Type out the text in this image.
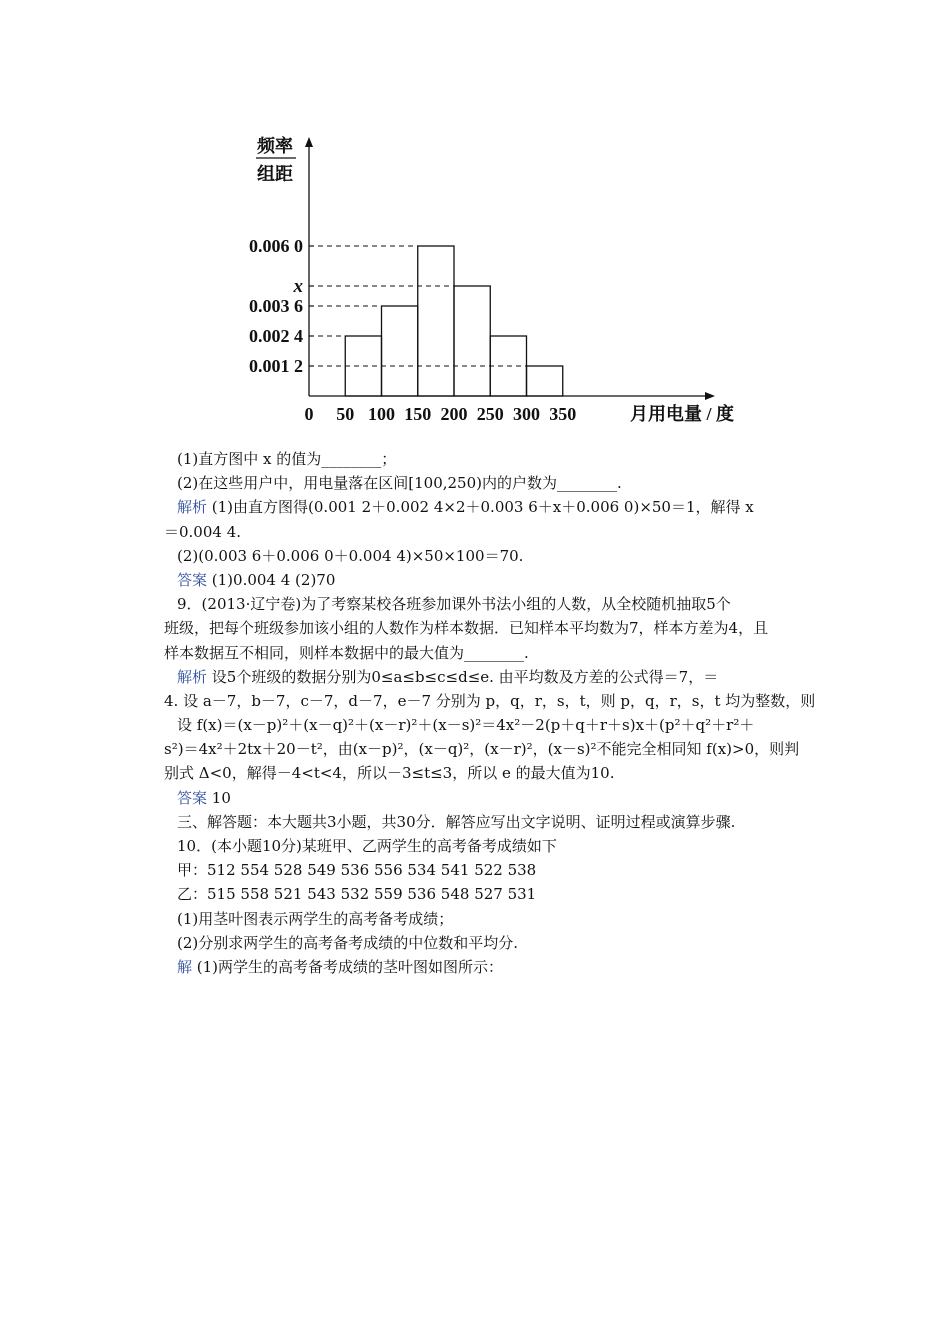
频率
组距
0 50 100 150 200 250 300 350
0.006 0
x
0.003 6
0.002 4
0.001 2
月用电量 / 度
(1)直方图中 x 的值为________；
(2)在这些用户中，用电量落在区间[100,250)内的户数为________.
解析 (1)由直方图得(0.001 2＋0.002 4×2＋0.003 6＋x＋0.006 0)×50＝1，解得 x
＝0.004 4.
(2)(0.003 6＋0.006 0＋0.004 4)×50×100＝70.
答案 (1)0.004 4 (2)70
9．(2013·辽宁卷)为了考察某校各班参加课外书法小组的人数，从全校随机抽取5个
班级，把每个班级参加该小组的人数作为样本数据．已知样本平均数为7，样本方差为4，且
样本数据互不相同，则样本数据中的最大值为________.
解析 设5个班级的数据分别为0≤a≤b≤c≤d≤e. 由平均数及方差的公式得＝7，＝
4. 设 a－7，b－7，c－7，d－7，e－7 分别为 p，q，r，s，t，则 p，q，r，s，t 均为整数，则
设 f(x)＝(x－p)²＋(x－q)²＋(x－r)²＋(x－s)²＝4x²－2(p＋q＋r＋s)x＋(p²＋q²＋r²＋
s²)＝4x²＋2tx＋20－t²，由(x－p)²，(x－q)²，(x－r)²，(x－s)²不能完全相同知 f(x)>0，则判
别式 Δ<0，解得－4<t<4，所以－3≤t≤3，所以 e 的最大值为10.
答案 10
三、解答题：本大题共3小题，共30分．解答应写出文字说明、证明过程或演算步骤.
10．(本小题10分)某班甲、乙两学生的高考备考成绩如下
甲：512 554 528 549 536 556 534 541 522 538
乙：515 558 521 543 532 559 536 548 527 531
(1)用茎叶图表示两学生的高考备考成绩；
(2)分别求两学生的高考备考成绩的中位数和平均分.
解 (1)两学生的高考备考成绩的茎叶图如图所示：
